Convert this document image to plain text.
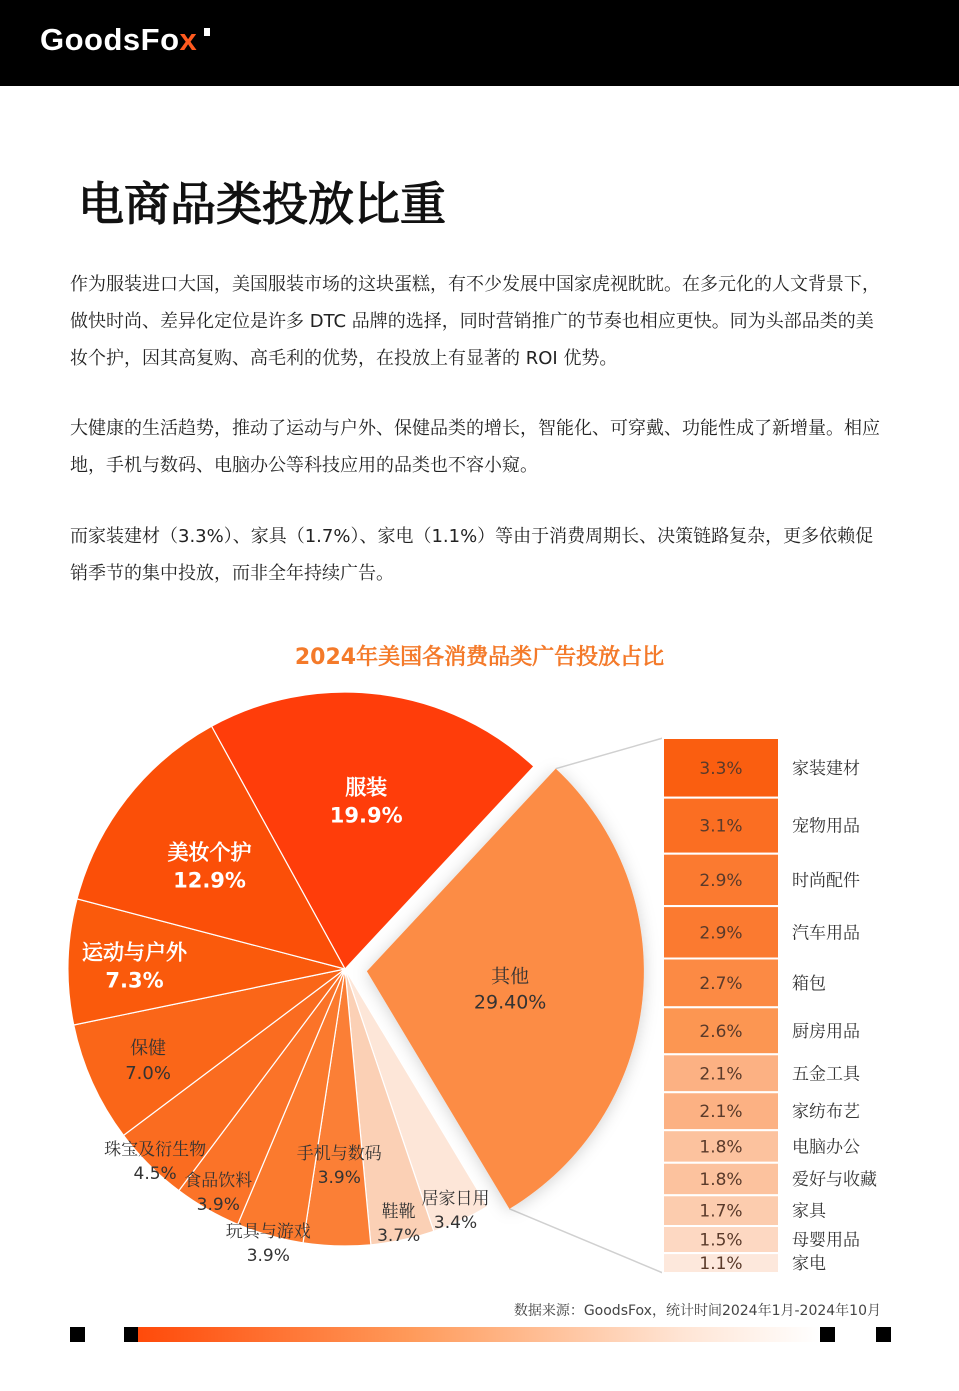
GoodsFox
电商品类投放比重

作为服装进口大国，美国服装市场的这块蛋糕，有不少发展中国家虎视眈眈。在多元化的人文背景下，做快时尚、差异化定位是许多 DTC 品牌的选择，同时营销推广的节奏也相应更快。同为头部品类的美妆个护，因其高复购、高毛利的优势，在投放上有显著的 ROI 优势。

大健康的生活趋势，推动了运动与户外、保健品类的增长，智能化、可穿戴、功能性成了新增量。相应地，手机与数码、电脑办公等科技应用的品类也不容小窥。

而家装建材（3.3%）、家具（1.7%）、家电（1.1%）等由于消费周期长、决策链路复杂，更多依赖促销季节的集中投放，而非全年持续广告。

2024年美国各消费品类广告投放占比
服装
19.9%
其他
29.40%
居家日用
3.4%
鞋靴
3.7%
手机与数码
3.9%
玩具与游戏
3.9%
食品饮料
3.9%
珠宝及衍生物
4.5%
保健
7.0%
运动与户外
7.3%
美妆个护
12.9%
3.3%	家装建材
3.1%	宠物用品
2.9%	时尚配件
2.9%	汽车用品
2.7%	箱包
2.6%	厨房用品
2.1%	五金工具
2.1%	家纺布艺
1.8%	电脑办公
1.8%	爱好与收藏
1.7%	家具
1.5%	母婴用品
1.1%	家电
数据来源：GoodsFox，统计时间2024年1月-2024年10月
